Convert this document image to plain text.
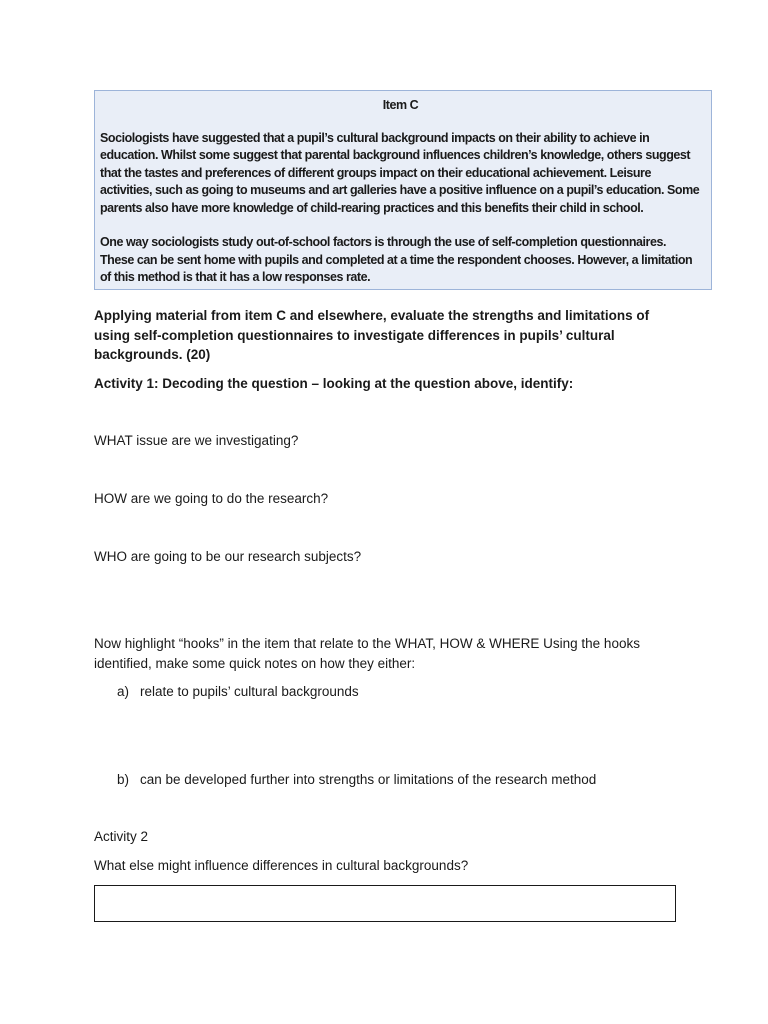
Item C
Sociologists have suggested that a pupil’s cultural background impacts on their ability to achieve in education. Whilst some suggest that parental background influences children’s knowledge, others suggest that the tastes and preferences of different groups impact on their educational achievement. Leisure activities, such as going to museums and art galleries have a positive influence on a pupil’s education. Some parents also have more knowledge of child-rearing practices and this benefits their child in school.
One way sociologists study out-of-school factors is through the use of self-completion questionnaires. These can be sent home with pupils and completed at a time the respondent chooses. However, a limitation of this method is that it has a low responses rate.
Applying material from item C and elsewhere, evaluate the strengths and limitations of using self-completion questionnaires to investigate differences in pupils’ cultural backgrounds. (20)
Activity 1: Decoding the question – looking at the question above, identify:
WHAT issue are we investigating?
HOW are we going to do the research?
WHO are going to be our research subjects?
Now highlight “hooks” in the item that relate to the WHAT, HOW & WHERE Using the hooks identified, make some quick notes on how they either:
a) relate to pupils’ cultural backgrounds
b) can be developed further into strengths or limitations of the research method
Activity 2
What else might influence differences in cultural backgrounds?
